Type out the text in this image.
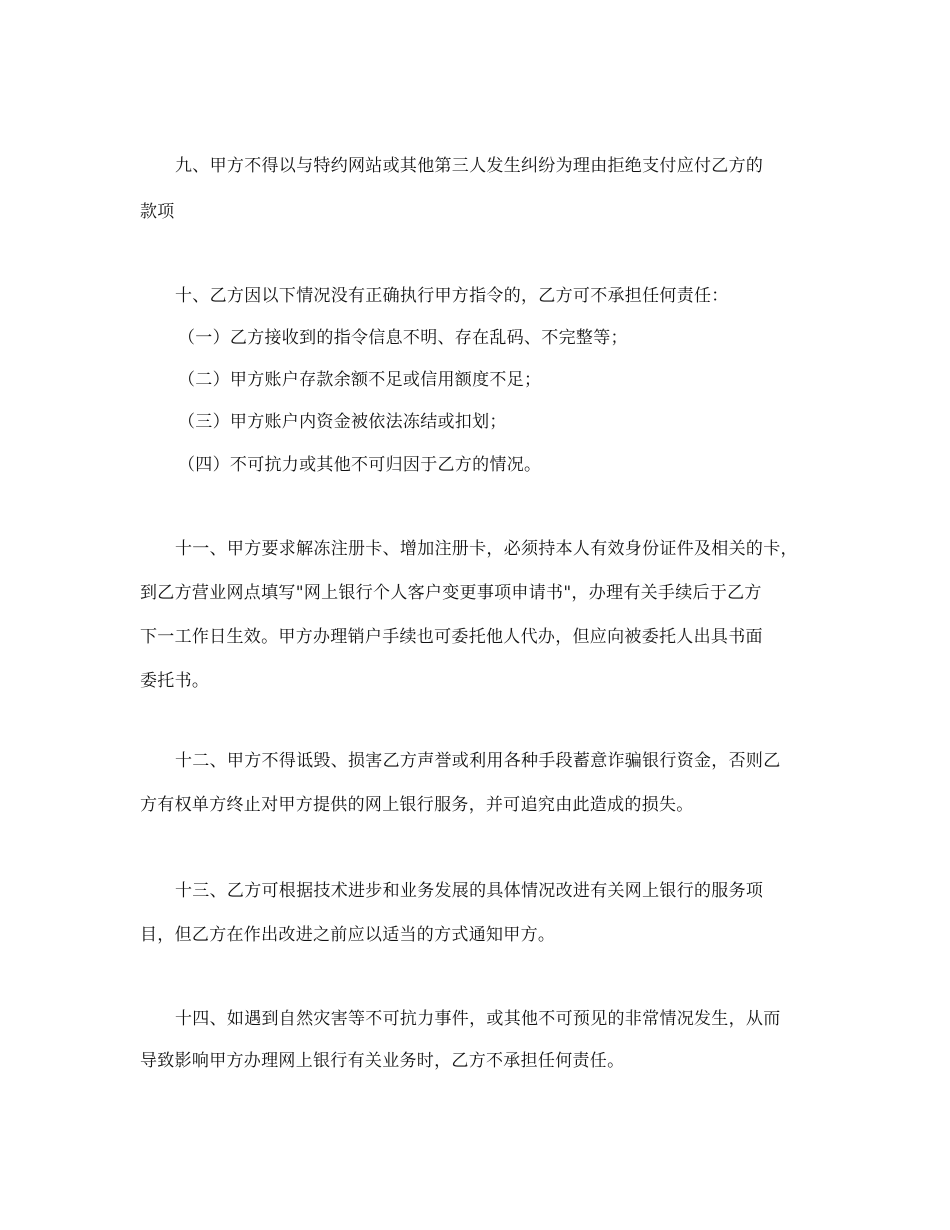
九、甲方不得以与特约网站或其他第三人发生纠纷为理由拒绝支付应付乙方的
款项
十、乙方因以下情况没有正确执行甲方指令的，乙方可不承担任何责任：
（一）乙方接收到的指令信息不明、存在乱码、不完整等；
（二）甲方账户存款余额不足或信用额度不足；
（三）甲方账户内资金被依法冻结或扣划；
（四）不可抗力或其他不可归因于乙方的情况。
十一、甲方要求解冻注册卡、增加注册卡，必须持本人有效身份证件及相关的卡，
到乙方营业网点填写"网上银行个人客户变更事项申请书"，办理有关手续后于乙方
下一工作日生效。甲方办理销户手续也可委托他人代办，但应向被委托人出具书面
委托书。
十二、甲方不得诋毁、损害乙方声誉或利用各种手段蓄意诈骗银行资金，否则乙
方有权单方终止对甲方提供的网上银行服务，并可追究由此造成的损失。
十三、乙方可根据技术进步和业务发展的具体情况改进有关网上银行的服务项
目，但乙方在作出改进之前应以适当的方式通知甲方。
十四、如遇到自然灾害等不可抗力事件，或其他不可预见的非常情况发生，从而
导致影响甲方办理网上银行有关业务时，乙方不承担任何责任。
